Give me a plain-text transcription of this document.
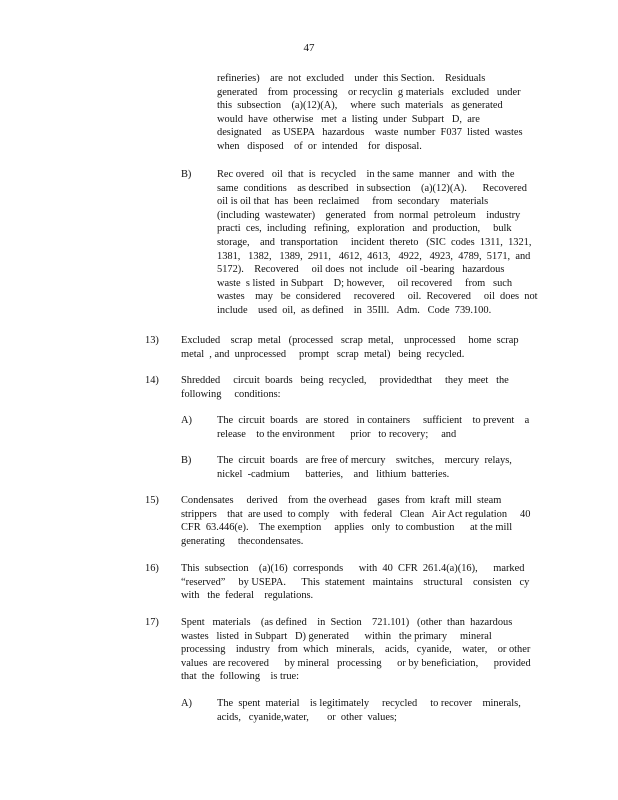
47
refineries)    are  not  excluded    under  this Section.    Residuals
generated    from  processing    or recyclin  g materials   excluded   under
this  subsection    (a)(12)(A),     where  such  materials   as generated
would  have  otherwise   met  a  listing  under  Subpart   D,  are
designated    as USEPA   hazardous    waste  number  F037  listed  wastes
when   disposed    of  or  intended    for  disposal.
B) Rec overed   oil  that  is  recycled    in the same  manner   and  with  the
same  conditions    as described   in subsection    (a)(12)(A).      Recovered
oil is oil that  has  been  reclaimed     from  secondary    materials
(including  wastewater)    generated   from  normal  petroleum    industry
practi  ces,  including   refining,   exploration   and  production,     bulk
storage,    and  transportation     incident  thereto   (SIC  codes  1311,  1321,
1381,   1382,   1389,  2911,   4612,  4613,   4922,   4923,  4789,  5171,  and
5172).    Recovered     oil does  not  include   oil -bearing   hazardous
waste  s listed  in Subpart    D; however,     oil recovered     from   such
wastes    may   be  considered     recovered     oil.  Recovered     oil  does  not
include    used  oil,  as defined    in  35Ill.   Adm.   Code  739.100.
13) Excluded    scrap  metal   (processed   scrap  metal,    unprocessed     home  scrap
metal  , and  unprocessed     prompt   scrap  metal)   being  recycled.
14) Shredded     circuit  boards   being  recycled,     providedthat     they  meet   the
following     conditions:
A) The  circuit  boards   are  stored   in containers     sufficient    to prevent    a
release    to the environment      prior   to recovery;     and
B) The  circuit  boards   are free of mercury    switches,    mercury  relays,
nickel  -cadmium      batteries,    and   lithium  batteries.
15) Condensates     derived    from  the overhead    gases  from  kraft  mill  steam
strippers    that  are used  to comply    with  federal   Clean   Air Act regulation     40
CFR  63.446(e).    The exemption     applies   only  to combustion      at the mill
generating     thecondensates.
16) This  subsection    (a)(16)  corresponds      with  40  CFR  261.4(a)(16),      marked
“reserved”     by USEPA.      This  statement   maintains    structural    consisten   cy
with   the  federal    regulations.
17) Spent   materials    (as defined    in  Section    721.101)   (other  than  hazardous
wastes   listed  in Subpart   D) generated      within   the primary     mineral
processing    industry   from  which   minerals,    acids,   cyanide,    water,    or other
values  are recovered      by mineral   processing      or by beneficiation,      provided
that  the  following    is true:
A) The  spent  material    is legitimately     recycled     to recover    minerals,
acids,   cyanide,water,       or  other  values;
